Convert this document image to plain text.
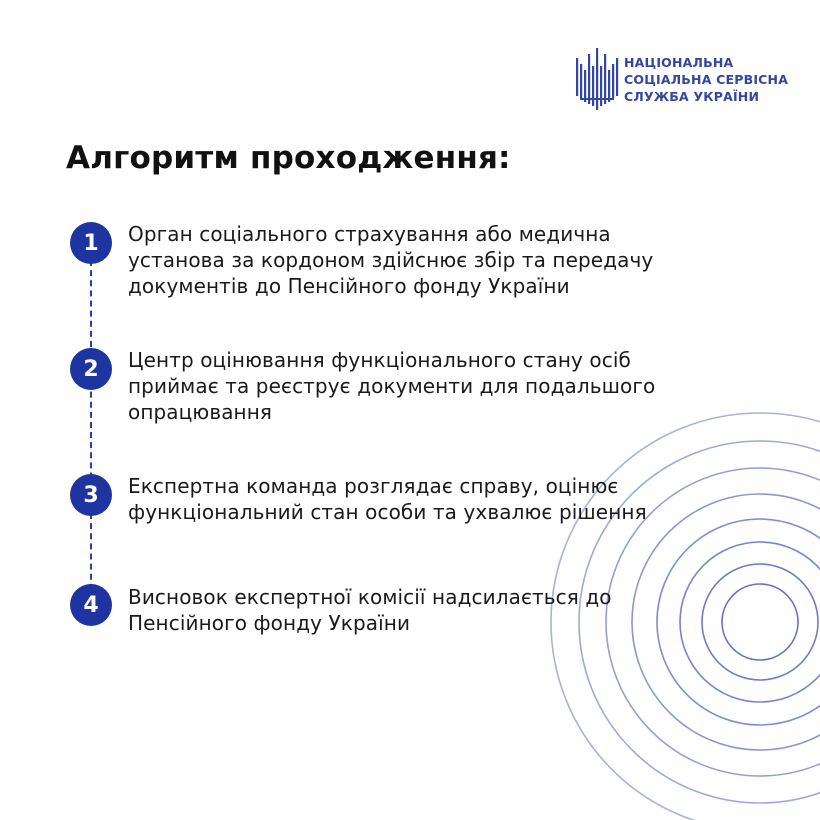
НАЦІОНАЛЬНА
СОЦІАЛЬНА СЕРВІСНА
СЛУЖБА УКРАЇНИ
Алгоритм проходження:
1	Орган соціального страхування або медична установа за кордоном здійснює збір та передачу документів до Пенсійного фонду України
2	Центр оцінювання функціонального стану осіб приймає та реєструє документи для подальшого опрацювання
3	Експертна команда розглядає справу, оцінює функціональний стан особи та ухвалює рішення
4	Висновок експертної комісії надсилається до Пенсійного фонду України
